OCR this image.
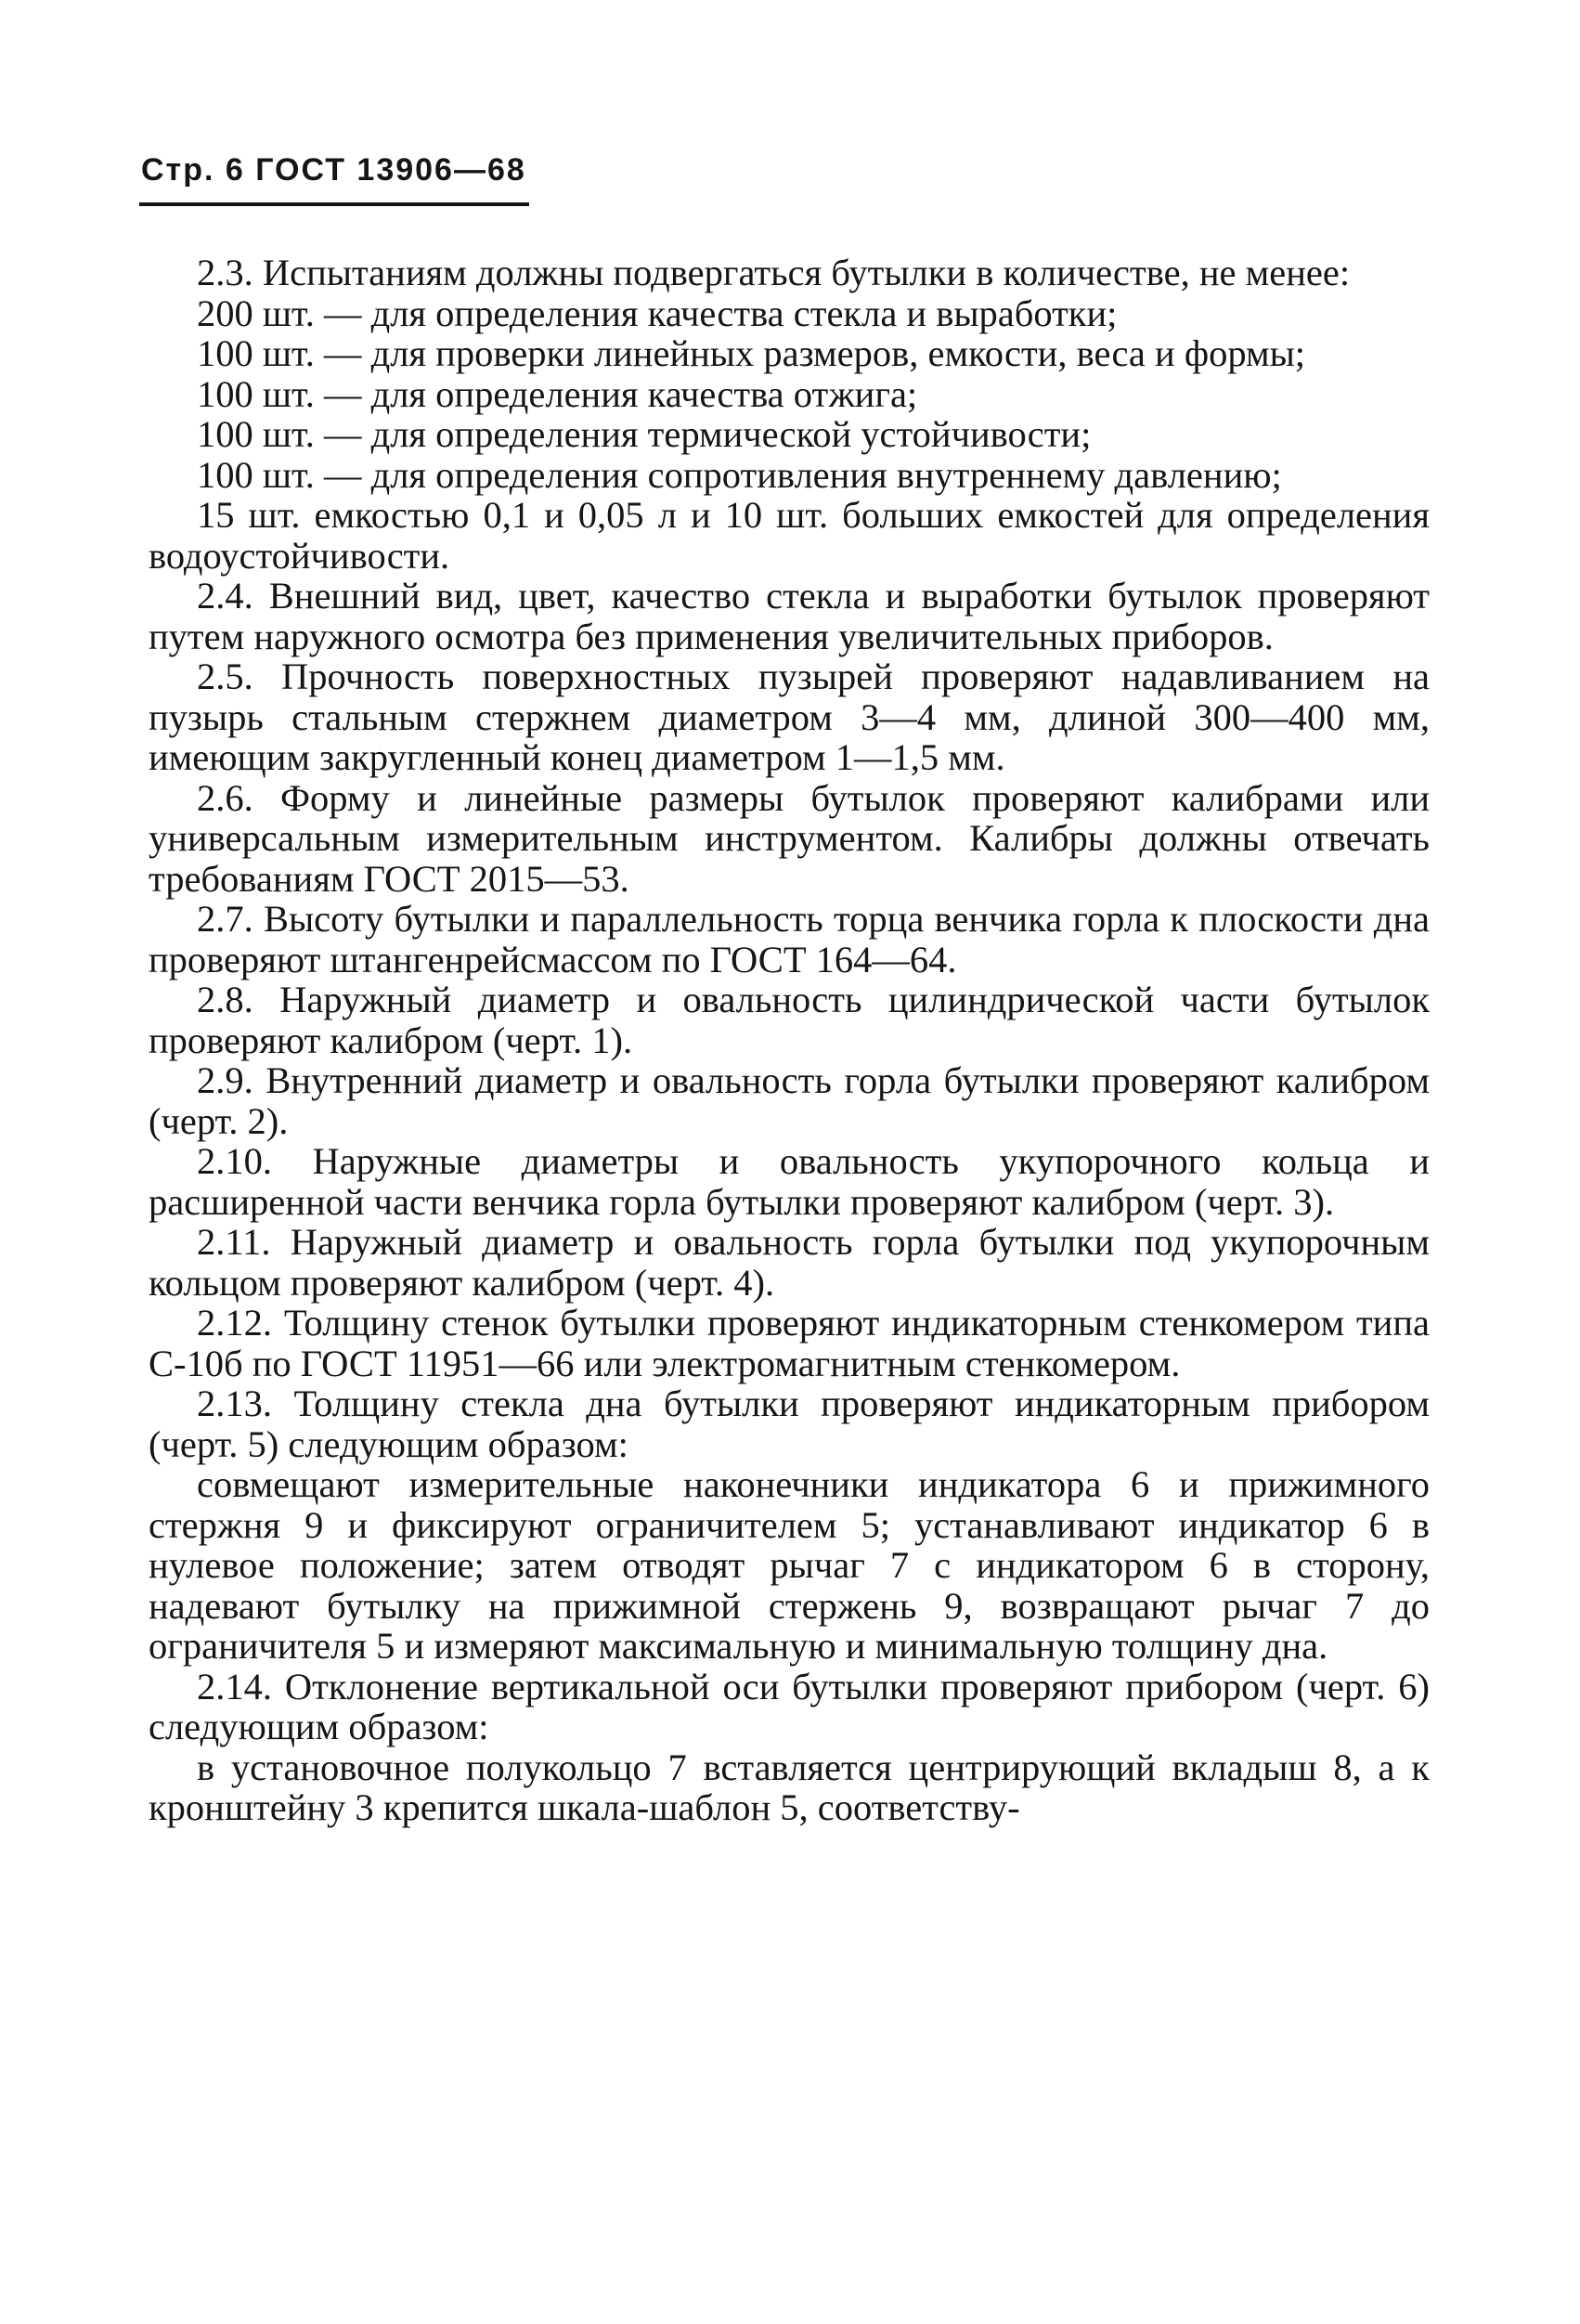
Стр. 6 ГОСТ 13906—68

2.3. Испытаниям должны подвергаться бутылки в количестве, не менее:

200 шт. — для определения качества стекла и выработки;

100 шт. — для проверки линейных размеров, емкости, веса и формы;

100 шт. — для определения качества отжига;

100 шт. — для определения термической устойчивости;

100 шт. — для определения сопротивления внутреннему давлению;

15 шт. емкостью 0,1 и 0,05 л и 10 шт. больших емкостей для определения водоустойчивости.

2.4. Внешний вид, цвет, качество стекла и выработки бутылок проверяют путем наружного осмотра без применения увеличительных приборов.

2.5. Прочность поверхностных пузырей проверяют надавливанием на пузырь стальным стержнем диаметром 3—4 мм, длиной 300—400 мм, имеющим закругленный конец диаметром 1—1,5 мм.

2.6. Форму и линейные размеры бутылок проверяют калибрами или универсальным измерительным инструментом. Калибры должны отвечать требованиям ГОСТ 2015—53.

2.7. Высоту бутылки и параллельность торца венчика горла к плоскости дна проверяют штангенрейсмассом по ГОСТ 164—64.

2.8. Наружный диаметр и овальность цилиндрической части бутылок проверяют калибром (черт. 1).

2.9. Внутренний диаметр и овальность горла бутылки проверяют калибром (черт. 2).

2.10. Наружные диаметры и овальность укупорочного кольца и расширенной части венчика горла бутылки проверяют калибром (черт. 3).

2.11. Наружный диаметр и овальность горла бутылки под укупорочным кольцом проверяют калибром (черт. 4).

2.12. Толщину стенок бутылки проверяют индикаторным стенкомером типа С-10б по ГОСТ 11951—66 или электромагнитным стенкомером.

2.13. Толщину стекла дна бутылки проверяют индикаторным прибором (черт. 5) следующим образом:

совмещают измерительные наконечники индикатора 6 и прижимного стержня 9 и фиксируют ограничителем 5; устанавливают индикатор 6 в нулевое положение; затем отводят рычаг 7 с индикатором 6 в сторону, надевают бутылку на прижимной стержень 9, возвращают рычаг 7 до ограничителя 5 и измеряют максимальную и минимальную толщину дна.

2.14. Отклонение вертикальной оси бутылки проверяют прибором (черт. 6) следующим образом:

в установочное полукольцо 7 вставляется центрирующий вкладыш 8, а к кронштейну 3 крепится шкала-шаблон 5, соответству-
